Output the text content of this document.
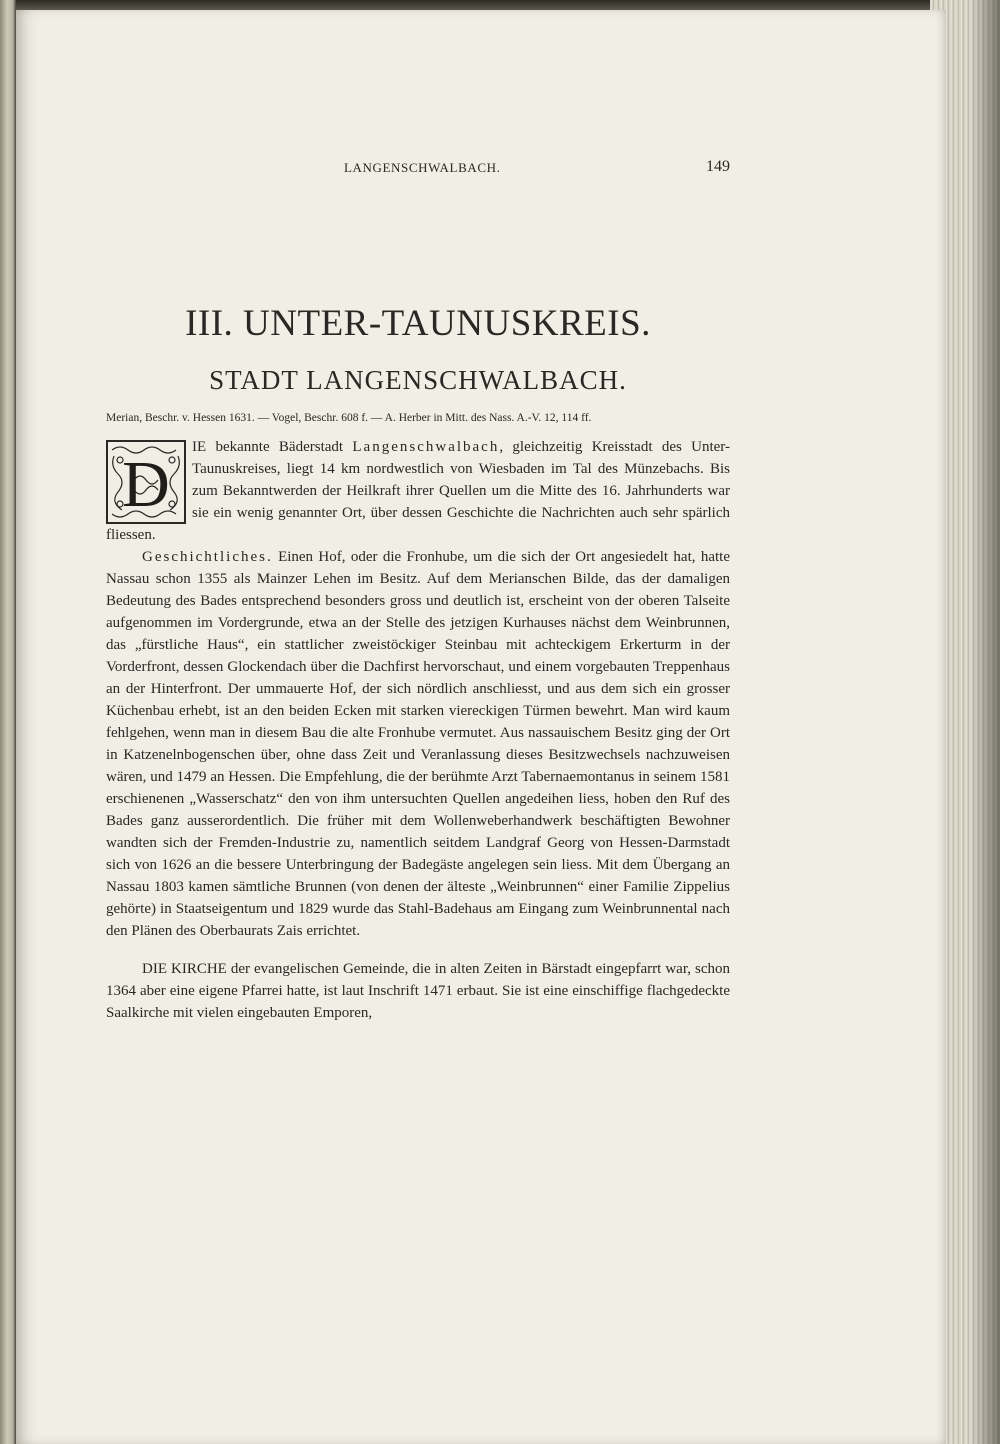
LANGENSCHWALBACH.	149
III. UNTER-TAUNUSKREIS.
STADT LANGENSCHWALBACH.
Merian, Beschr. v. Hessen 1631. — Vogel, Beschr. 608 f. — A. Herber in Mitt. des Nass. A.-V. 12, 114 ff.

D
IE bekannte Bäderstadt Langenschwalbach, gleichzeitig Kreisstadt des Unter-Taunuskreises, liegt 14 km nordwestlich von Wiesbaden im Tal des Münzebachs. Bis zum Bekanntwerden der Heilkraft ihrer Quellen um die Mitte des 16. Jahrhunderts war sie ein wenig genannter Ort, über dessen Geschichte die Nachrichten auch sehr spärlich fliessen.

Geschichtliches. Einen Hof, oder die Fronhube, um die sich der Ort angesiedelt hat, hatte Nassau schon 1355 als Mainzer Lehen im Besitz. Auf dem Merianschen Bilde, das der damaligen Bedeutung des Bades entsprechend besonders gross und deutlich ist, erscheint von der oberen Talseite aufgenommen im Vordergrunde, etwa an der Stelle des jetzigen Kurhauses nächst dem Weinbrunnen, das „fürstliche Haus“, ein stattlicher zweistöckiger Steinbau mit achteckigem Erkerturm in der Vorderfront, dessen Glockendach über die Dachfirst hervorschaut, und einem vorgebauten Treppenhaus an der Hinterfront. Der ummauerte Hof, der sich nördlich anschliesst, und aus dem sich ein grosser Küchenbau erhebt, ist an den beiden Ecken mit starken viereckigen Türmen bewehrt. Man wird kaum fehlgehen, wenn man in diesem Bau die alte Fronhube vermutet. Aus nassauischem Besitz ging der Ort in Katzenelnbogenschen über, ohne dass Zeit und Veranlassung dieses Besitzwechsels nachzuweisen wären, und 1479 an Hessen. Die Empfehlung, die der berühmte Arzt Tabernaemontanus in seinem 1581 erschienenen „Wasserschatz“ den von ihm untersuchten Quellen angedeihen liess, hoben den Ruf des Bades ganz ausserordentlich. Die früher mit dem Wollenweberhandwerk beschäftigten Bewohner wandten sich der Fremden-Industrie zu, namentlich seitdem Landgraf Georg von Hessen-Darmstadt sich von 1626 an die bessere Unterbringung der Badegäste angelegen sein liess. Mit dem Übergang an Nassau 1803 kamen sämtliche Brunnen (von denen der älteste „Weinbrunnen“ einer Familie Zippelius gehörte) in Staatseigentum und 1829 wurde das Stahl-Badehaus am Eingang zum Weinbrunnental nach den Plänen des Oberbaurats Zais errichtet.

DIE KIRCHE der evangelischen Gemeinde, die in alten Zeiten in Bärstadt eingepfarrt war, schon 1364 aber eine eigene Pfarrei hatte, ist laut Inschrift 1471 erbaut. Sie ist eine einschiffige flachgedeckte Saalkirche mit vielen eingebauten Emporen,
